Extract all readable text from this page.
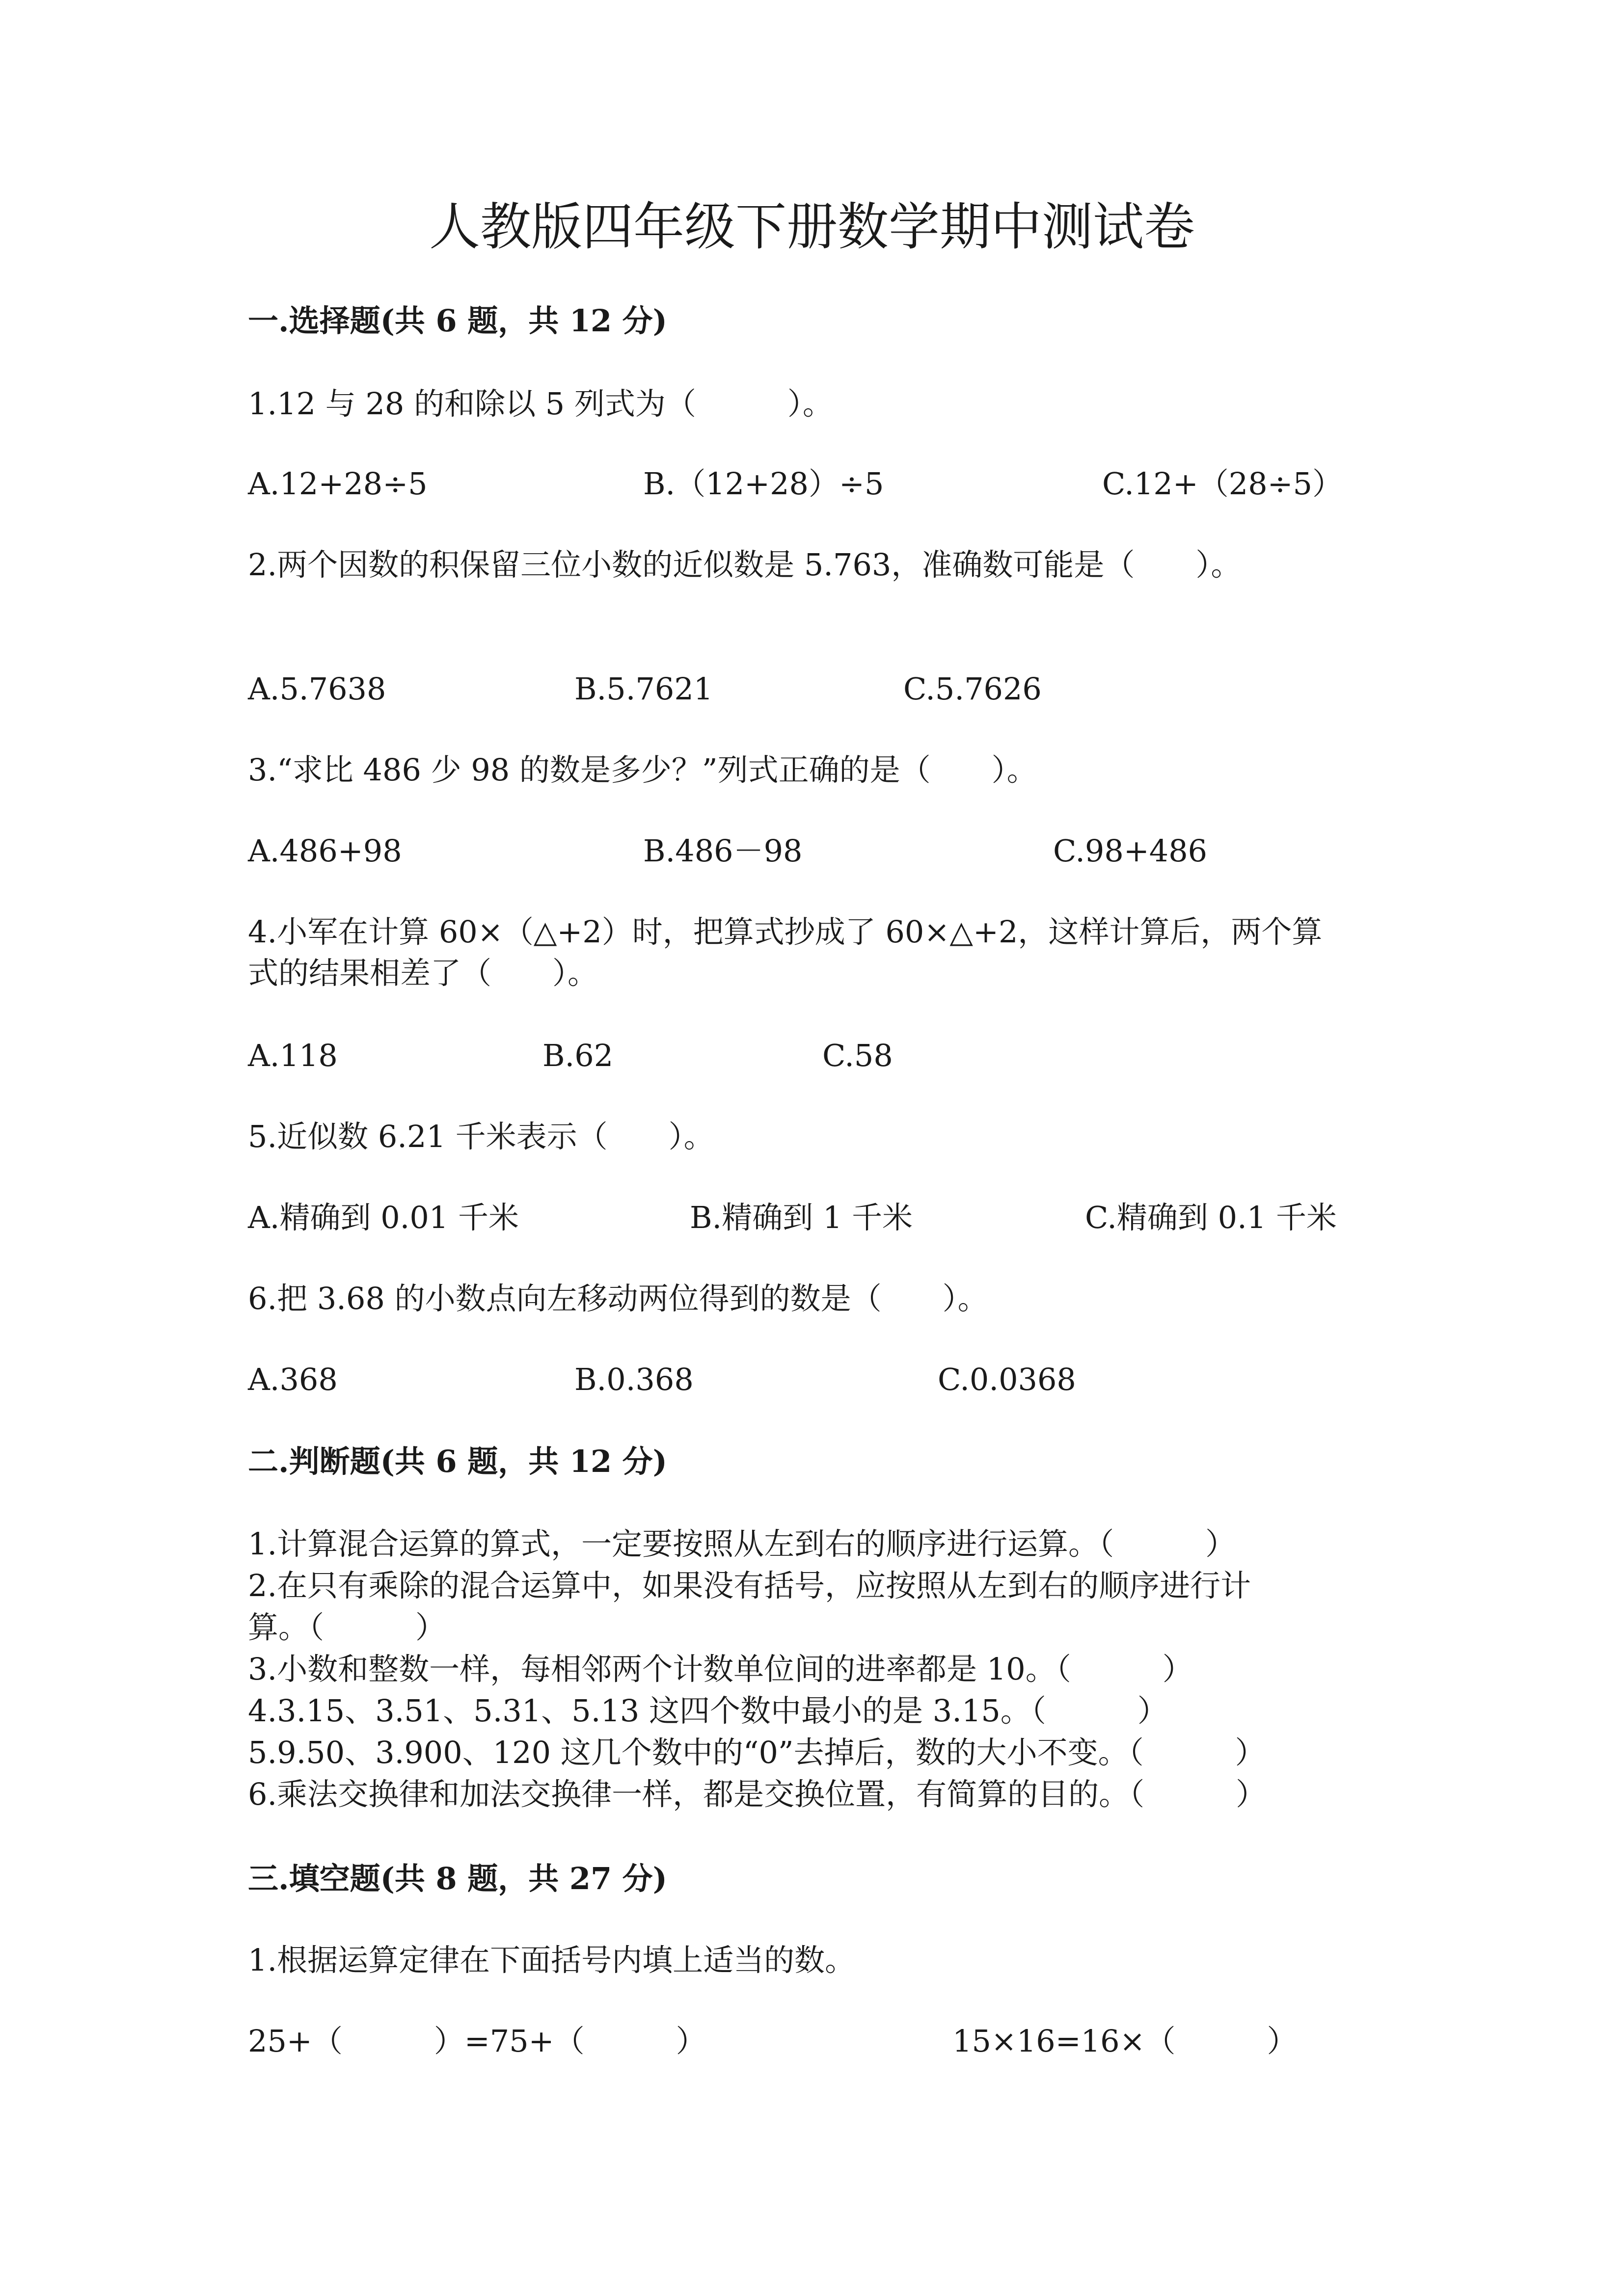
人教版四年级下册数学期中测试卷
一.选择题(共 6 题，共 12 分)
1.12 与 28 的和除以 5 列式为（　　　）。
A.12+28÷5	B.（12+28）÷5	C.12+（28÷5）
2.两个因数的积保留三位小数的近似数是 5.763，准确数可能是（　　）。
A.5.7638	B.5.7621	C.5.7626
3.“求比 486 少 98 的数是多少？”列式正确的是（　　）。
A.486+98	B.486－98	C.98+486
4.小军在计算 60×（△+2）时，把算式抄成了 60×△+2，这样计算后，两个算
式的结果相差了（　　）。
A.118	B.62	C.58
5.近似数 6.21 千米表示（　　）。
A.精确到 0.01 千米	B.精确到 1 千米	C.精确到 0.1 千米
6.把 3.68 的小数点向左移动两位得到的数是（　　）。
A.368	B.0.368	C.0.0368
二.判断题(共 6 题，共 12 分)
1.计算混合运算的算式，一定要按照从左到右的顺序进行运算。（　　　）
2.在只有乘除的混合运算中，如果没有括号，应按照从左到右的顺序进行计
算。（　　　）
3.小数和整数一样，每相邻两个计数单位间的进率都是 10。（　　　）
4.3.15、3.51、5.31、5.13 这四个数中最小的是 3.15。（　　　）
5.9.50、3.900、120 这几个数中的“0”去掉后，数的大小不变。（　　　）
6.乘法交换律和加法交换律一样，都是交换位置，有简算的目的。（　　　）
三.填空题(共 8 题，共 27 分)
1.根据运算定律在下面括号内填上适当的数。
25+（　　　）=75+（　　　）	15×16=16×（　　　）
